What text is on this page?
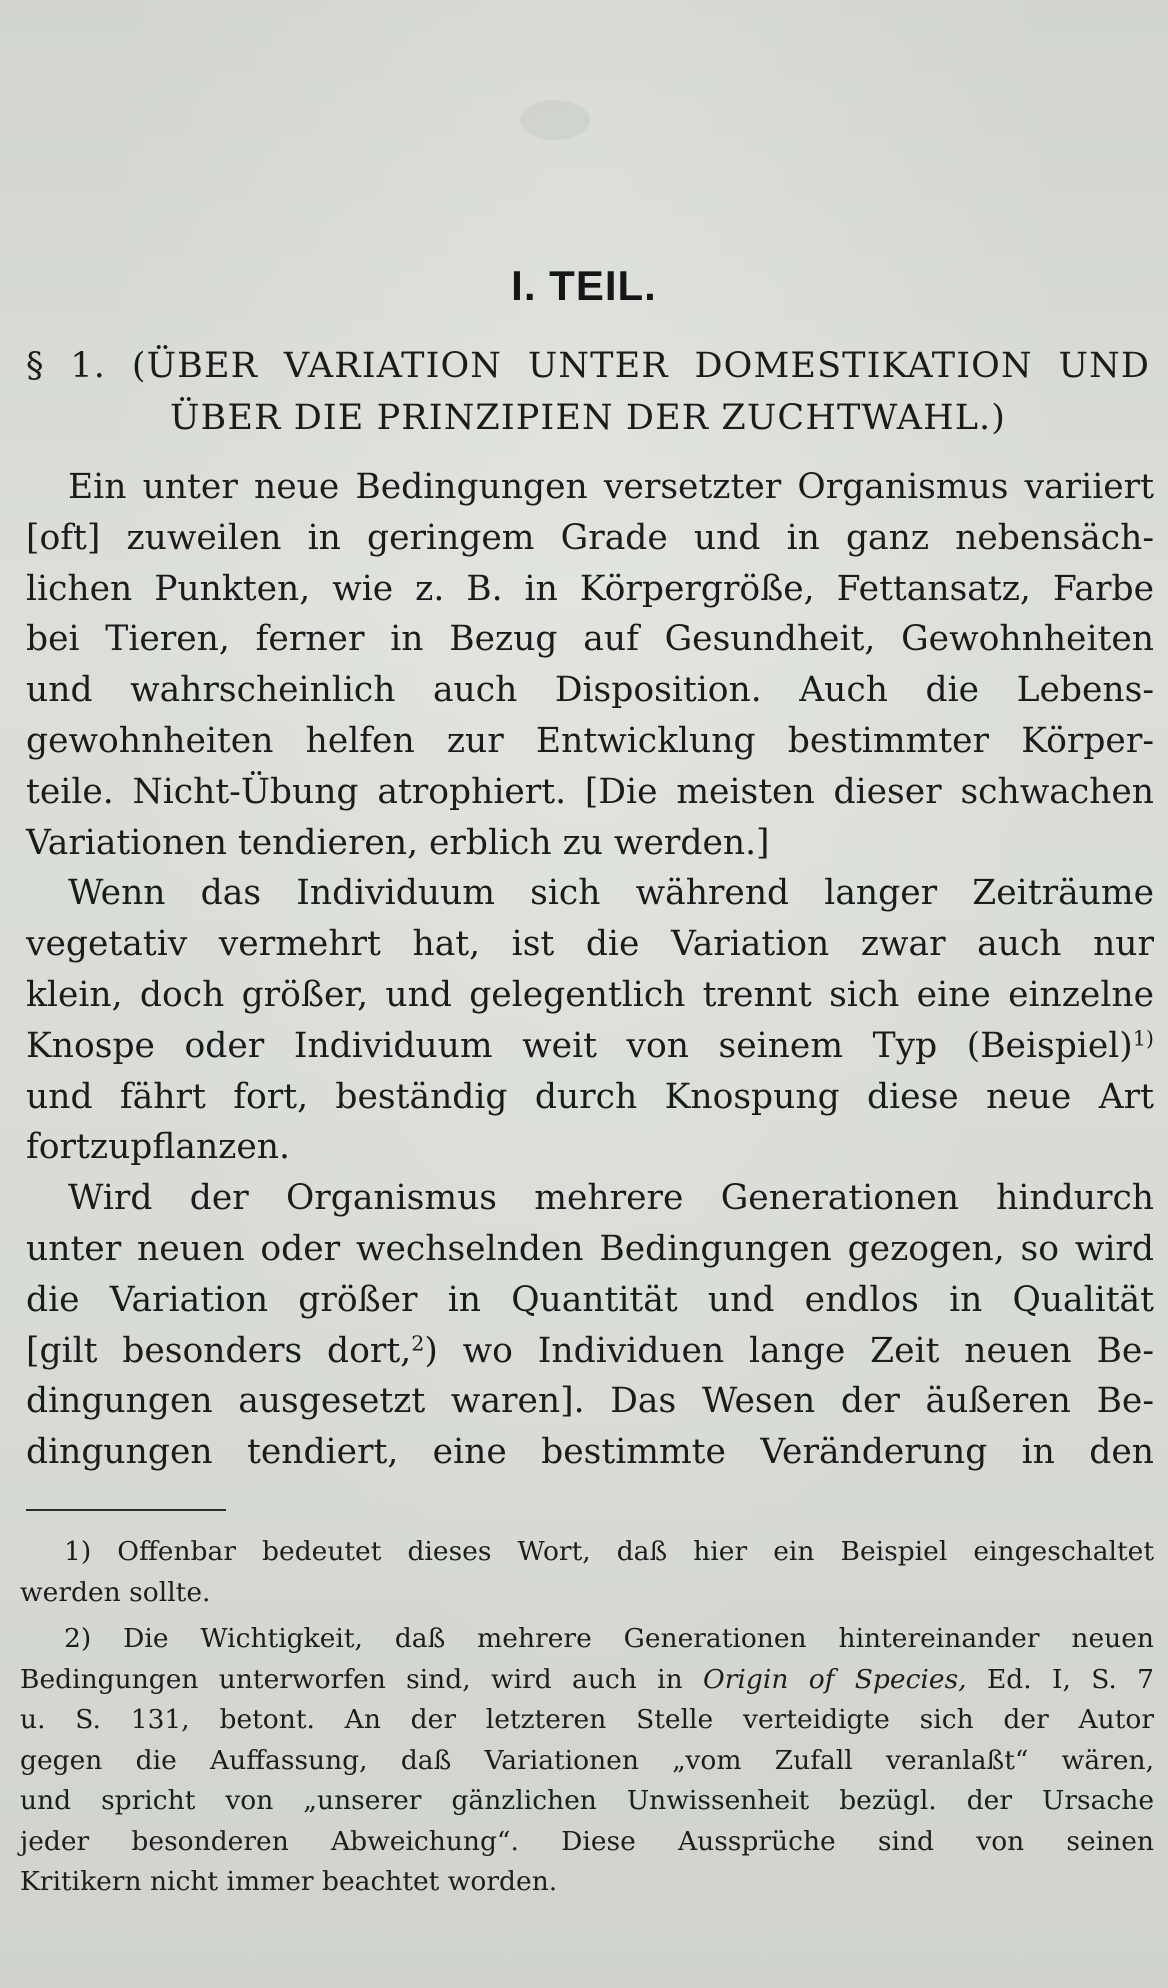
I. TEIL.
§ 1. (ÜBER VARIATION UNTER DOMESTIKATION UND
ÜBER DIE PRINZIPIEN DER ZUCHTWAHL.)
Ein unter neue Bedingungen versetzter Organismus variiert
[oft] zuweilen in geringem Grade und in ganz nebensäch-
lichen Punkten, wie z. B. in Körpergröße, Fettansatz, Farbe
bei Tieren, ferner in Bezug auf Gesundheit, Gewohnheiten
und wahrscheinlich auch Disposition. Auch die Lebens-
gewohnheiten helfen zur Entwicklung bestimmter Körper-
teile. Nicht-Übung atrophiert. [Die meisten dieser schwachen
Variationen tendieren, erblich zu werden.]
Wenn das Individuum sich während langer Zeiträume
vegetativ vermehrt hat, ist die Variation zwar auch nur
klein, doch größer, und gelegentlich trennt sich eine einzelne
Knospe oder Individuum weit von seinem Typ (Beispiel)$^{1)}$
und fährt fort, beständig durch Knospung diese neue Art
fortzupflanzen.
Wird der Organismus mehrere Generationen hindurch
unter neuen oder wechselnden Bedingungen gezogen, so wird
die Variation größer in Quantität und endlos in Qualität
[gilt besonders dort,$^2$) wo Individuen lange Zeit neuen Be-
dingungen ausgesetzt waren]. Das Wesen der äußeren Be-
dingungen tendiert, eine bestimmte Veränderung in den
1) Offenbar bedeutet dieses Wort, daß hier ein Beispiel eingeschaltet
werden sollte.
2) Die Wichtigkeit, daß mehrere Generationen hintereinander neuen
Bedingungen unterworfen sind, wird auch in Origin of Species, Ed. I, S. 7
u. S. 131, betont. An der letzteren Stelle verteidigte sich der Autor
gegen die Auffassung, daß Variationen „vom Zufall veranlaßt“ wären,
und spricht von „unserer gänzlichen Unwissenheit bezügl. der Ursache
jeder besonderen Abweichung“. Diese Aussprüche sind von seinen
Kritikern nicht immer beachtet worden.
